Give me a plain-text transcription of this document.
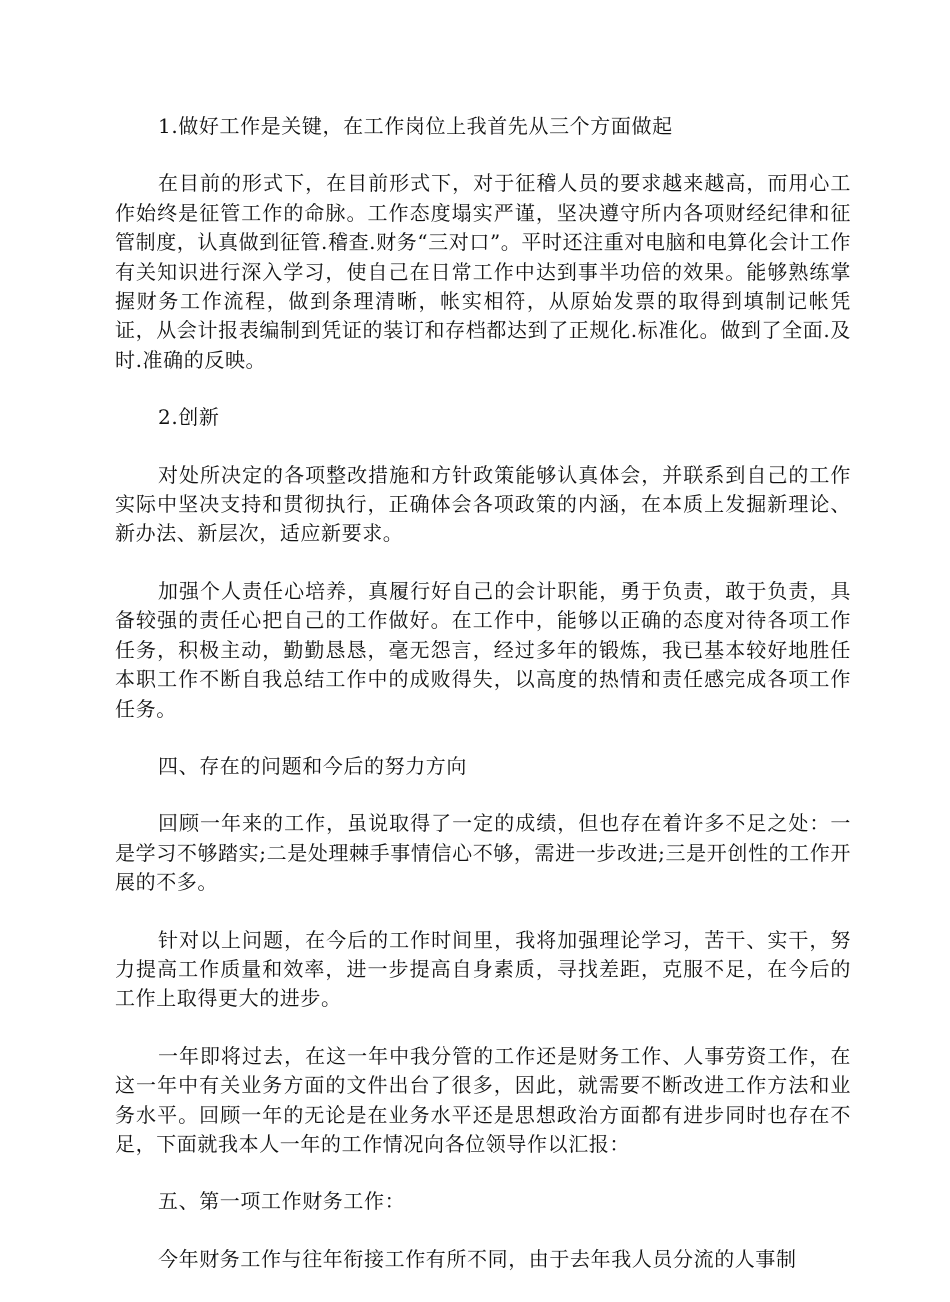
1.做好工作是关键，在工作岗位上我首先从三个方面做起

在目前的形式下，在目前形式下，对于征稽人员的要求越来越高，而用心工作始终是征管工作的命脉。工作态度塌实严谨，坚决遵守所内各项财经纪律和征管制度，认真做到征管.稽查.财务“三对口”。平时还注重对电脑和电算化会计工作有关知识进行深入学习，使自己在日常工作中达到事半功倍的效果。能够熟练掌握财务工作流程，做到条理清晰，帐实相符，从原始发票的取得到填制记帐凭证，从会计报表编制到凭证的装订和存档都达到了正规化.标准化。做到了全面.及时.准确的反映。

2.创新

对处所决定的各项整改措施和方针政策能够认真体会，并联系到自己的工作实际中坚决支持和贯彻执行，正确体会各项政策的内涵，在本质上发掘新理论、新办法、新层次，适应新要求。

加强个人责任心培养，真履行好自己的会计职能，勇于负责，敢于负责，具备较强的责任心把自己的工作做好。在工作中，能够以正确的态度对待各项工作任务，积极主动，勤勤恳恳，毫无怨言，经过多年的锻炼，我已基本较好地胜任本职工作不断自我总结工作中的成败得失，以高度的热情和责任感完成各项工作任务。

四、存在的问题和今后的努力方向

回顾一年来的工作，虽说取得了一定的成绩，但也存在着许多不足之处：一是学习不够踏实;二是处理棘手事情信心不够，需进一步改进;三是开创性的工作开展的不多。

针对以上问题，在今后的工作时间里，我将加强理论学习，苦干、实干，努力提高工作质量和效率，进一步提高自身素质，寻找差距，克服不足，在今后的工作上取得更大的进步。

一年即将过去，在这一年中我分管的工作还是财务工作、人事劳资工作，在这一年中有关业务方面的文件出台了很多，因此，就需要不断改进工作方法和业务水平。回顾一年的无论是在业务水平还是思想政治方面都有进步同时也存在不足，下面就我本人一年的工作情况向各位领导作以汇报：

五、第一项工作财务工作：

今年财务工作与往年衔接工作有所不同，由于去年我人员分流的人事制
